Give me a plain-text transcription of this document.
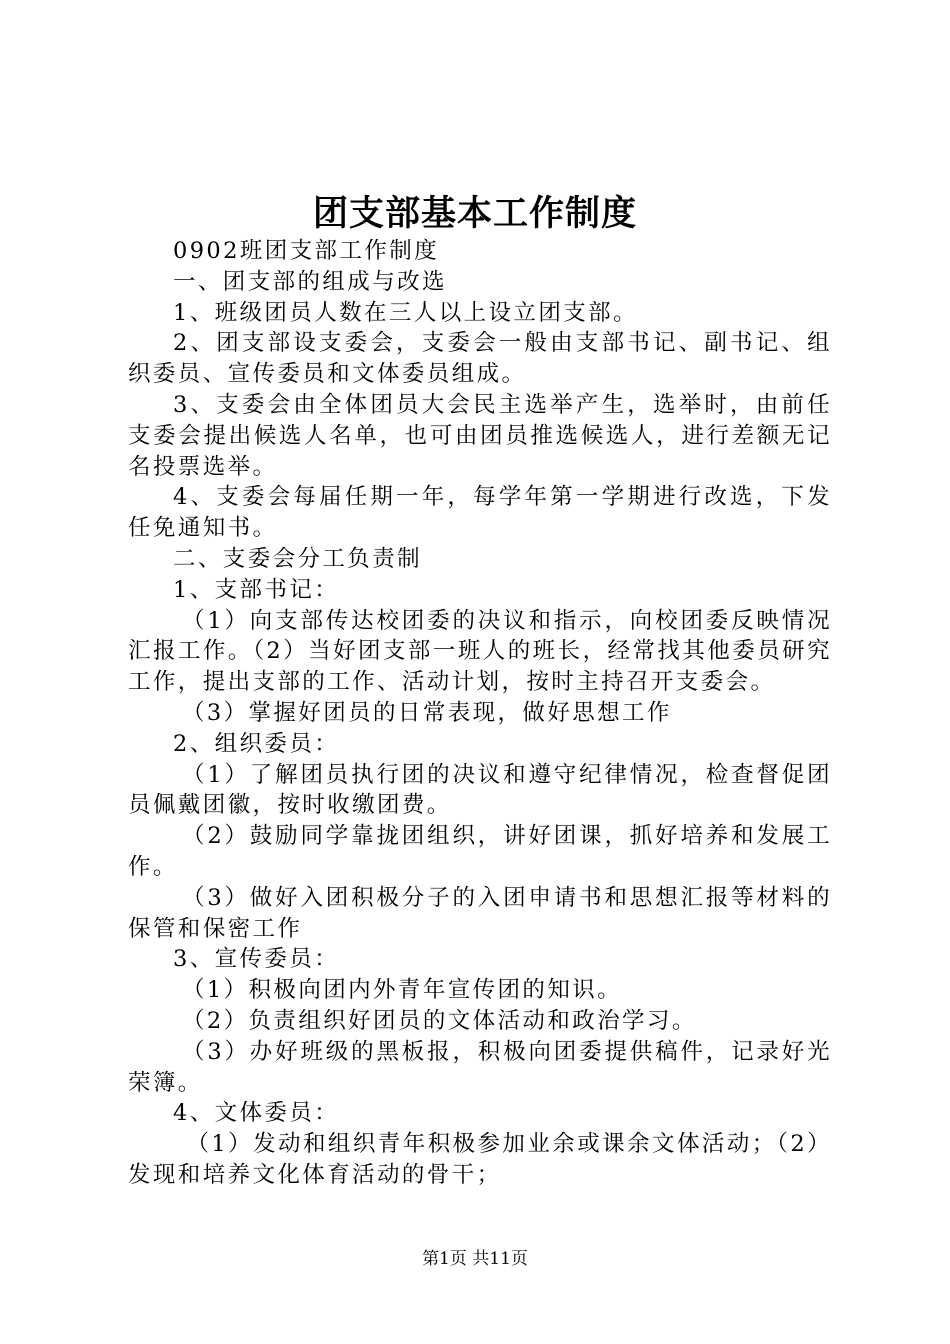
团支部基本工作制度

0902班团支部工作制度

一、团支部的组成与改选

1、班级团员人数在三人以上设立团支部。

2、团支部设支委会，支委会一般由支部书记、副书记、组织委员、宣传委员和文体委员组成。

3、支委会由全体团员大会民主选举产生，选举时，由前任支委会提出候选人名单，也可由团员推选候选人，进行差额无记名投票选举。

4、支委会每届任期一年，每学年第一学期进行改选，下发任免通知书。

二、支委会分工负责制

1、支部书记：

（1）向支部传达校团委的决议和指示，向校团委反映情况汇报工作。（2）当好团支部一班人的班长，经常找其他委员研究工作，提出支部的工作、活动计划，按时主持召开支委会。

（3）掌握好团员的日常表现，做好思想工作

2、组织委员：

（1）了解团员执行团的决议和遵守纪律情况，检查督促团员佩戴团徽，按时收缴团费。

（2）鼓励同学靠拢团组织，讲好团课，抓好培养和发展工作。

（3）做好入团积极分子的入团申请书和思想汇报等材料的保管和保密工作

3、宣传委员：

（1）积极向团内外青年宣传团的知识。

（2）负责组织好团员的文体活动和政治学习。

（3）办好班级的黑板报，积极向团委提供稿件，记录好光荣簿。

4、文体委员：

（1）发动和组织青年积极参加业余或课余文体活动；（2）发现和培养文化体育活动的骨干；

第1页 共11页
